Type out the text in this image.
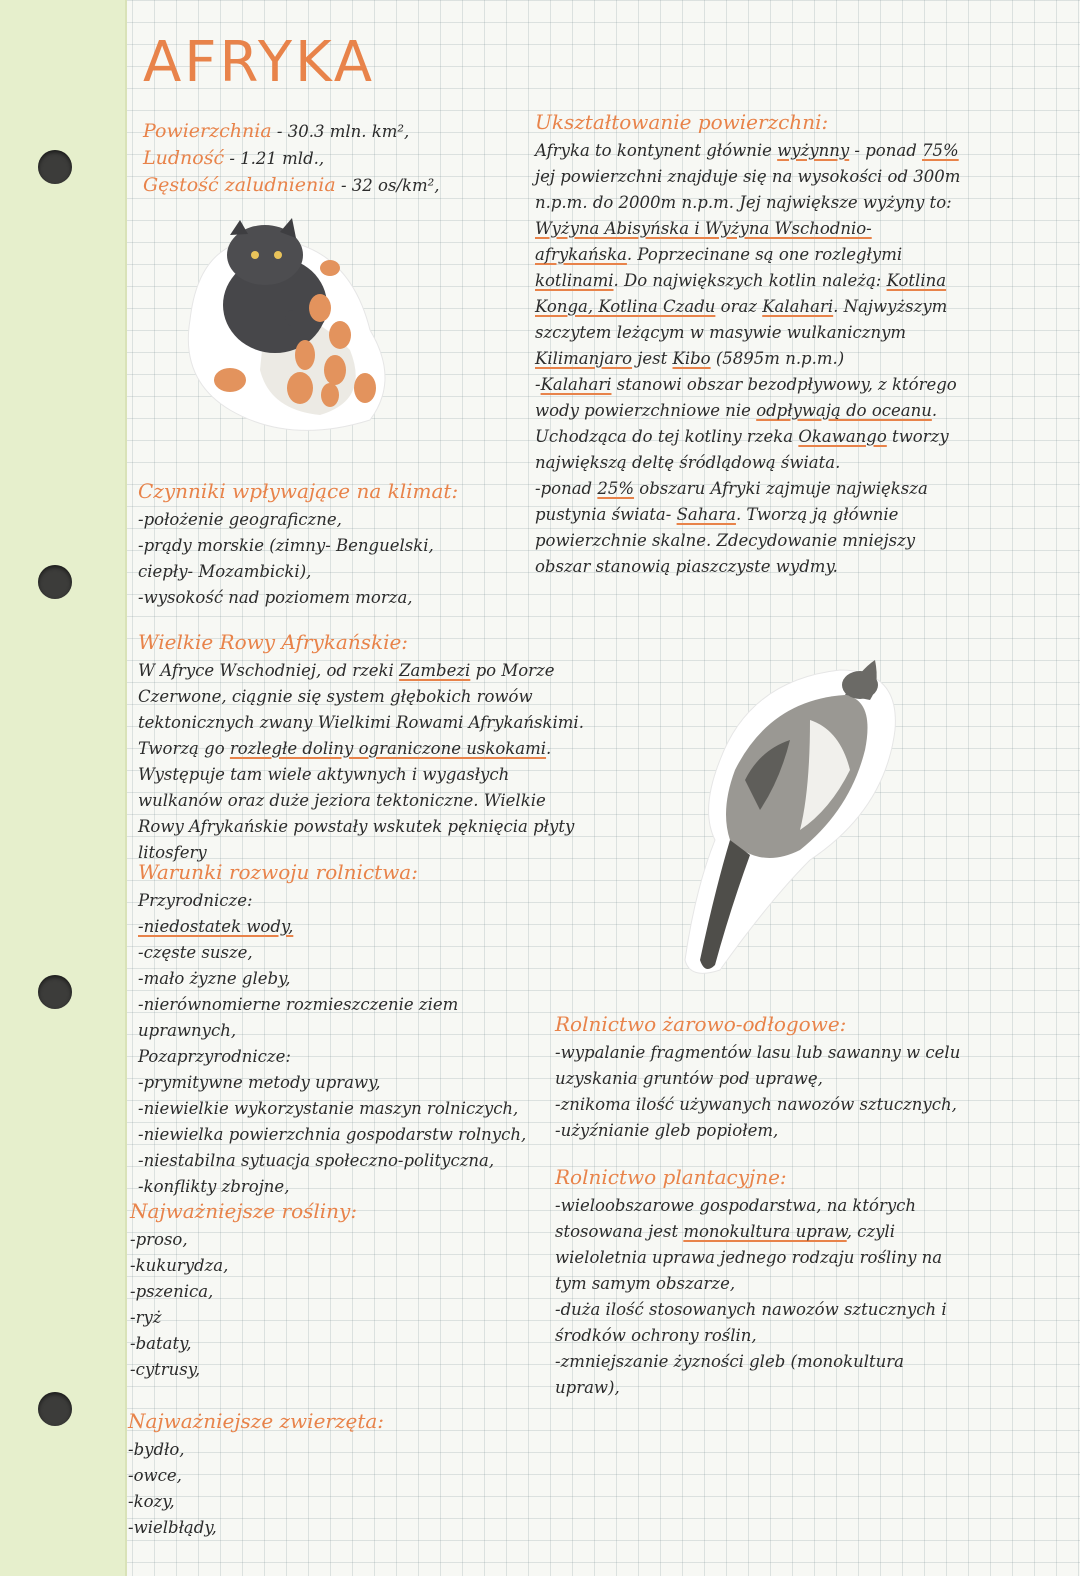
AFRYKA
Powierzchnia - 30.3 mln. km²,
Ludność - 1.21 mld.,
Gęstość zaludnienia - 32 os/km²,
Czynniki wpływające na klimat:
-położenie geograficzne,
-prądy morskie (zimny- Benguelski,
ciepły- Mozambicki),
-wysokość nad poziomem morza,
Ukształtowanie powierzchni:

Afryka to kontynent głównie wyżynny - ponad 75% jej powierzchni znajduje się na wysokości od 300m n.p.m. do 2000m n.p.m. Jej największe wyżyny to: Wyżyna Abisyńska i Wyżyna Wschodnio-afrykańska. Poprzecinane są one rozległymi kotlinami. Do największych kotlin należą: Kotlina Konga, Kotlina Czadu oraz Kalahari. Najwyższym szczytem leżącym w masywie wulkanicznym Kilimanjaro jest Kibo (5895m n.p.m.)

-Kalahari stanowi obszar bezodpływowy, z którego wody powierzchniowe nie odpływają do oceanu. Uchodząca do tej kotliny rzeka Okawango tworzy największą deltę śródlądową świata.

-ponad 25% obszaru Afryki zajmuje największa pustynia świata- Sahara. Tworzą ją głównie powierzchnie skalne. Zdecydowanie mniejszy obszar stanowią piaszczyste wydmy.

Wielkie Rowy Afrykańskie:

W Afryce Wschodniej, od rzeki Zambezi po Morze Czerwone, ciągnie się system głębokich rowów tektonicznych zwany Wielkimi Rowami Afrykańskimi. Tworzą go rozległe doliny ograniczone uskokami. Występuje tam wiele aktywnych i wygasłych wulkanów oraz duże jeziora tektoniczne. Wielkie Rowy Afrykańskie powstały wskutek pęknięcia płyty litosfery

Warunki rozwoju rolnictwa:
Przyrodnicze:
-niedostatek wody,
-częste susze,
-mało żyzne gleby,
-nierównomierne rozmieszczenie ziem uprawnych,
Pozaprzyrodnicze:
-prymitywne metody uprawy,
-niewielkie wykorzystanie maszyn rolniczych,
-niewielka powierzchnia gospodarstw rolnych,
-niestabilna sytuacja społeczno-polityczna,
-konflikty zbrojne,
Najważniejsze rośliny:
-proso,
-kukurydza,
-pszenica,
-ryż
-bataty,
-cytrusy,
Najważniejsze zwierzęta:
-bydło,
-owce,
-kozy,
-wielbłądy,
Rolnictwo żarowo-odłogowe:
-wypalanie fragmentów lasu lub sawanny w celu uzyskania gruntów pod uprawę,
-znikoma ilość używanych nawozów sztucznych,
-użyźnianie gleb popiołem,
Rolnictwo plantacyjne:
-wieloobszarowe gospodarstwa, na których stosowana jest monokultura upraw, czyli wieloletnia uprawa jednego rodzaju rośliny na tym samym obszarze,
-duża ilość stosowanych nawozów sztucznych i środków ochrony roślin,
-zmniejszanie żyzności gleb (monokultura upraw),
